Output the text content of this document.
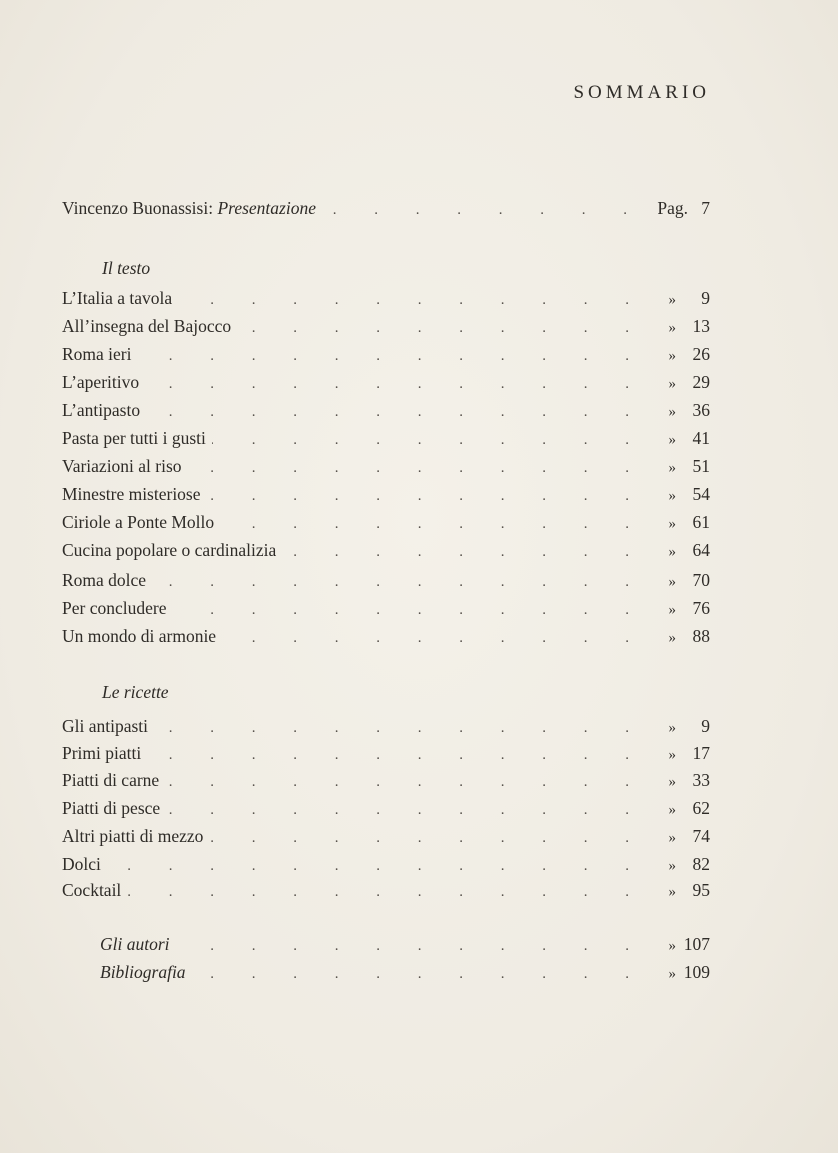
SOMMARIO
Vincenzo Buonassisi: Presentazione . . .	Pag. 7
Il testo
L’Italia a tavola . . .	»	9
All’insegna del Bajocco . . .	» 13
Roma ieri . . .	» 26
L’aperitivo . . .	» 29
L’antipasto . . .	» 36
Pasta per tutti i gusti . . .	» 41
Variazioni al riso . . .	» 51
Minestre misteriose . . .	» 54
Ciriole a Ponte Mollo . . .	» 61
Cucina popolare o cardinalizia . . .	» 64
Roma dolce . . .	» 70
Per concludere . . .	» 76
Un mondo di armonie . . .	» 88
Le ricette
Gli antipasti . . .	»	9
Primi piatti . . .	» 17
Piatti di carne . . .	» 33
Piatti di pesce . . .	» 62
Altri piatti di mezzo . . .	» 74
Dolci . . .	» 82
Cocktail . . .	» 95
Gli autori . . .	» 107
Bibliografia . . .	» 109
